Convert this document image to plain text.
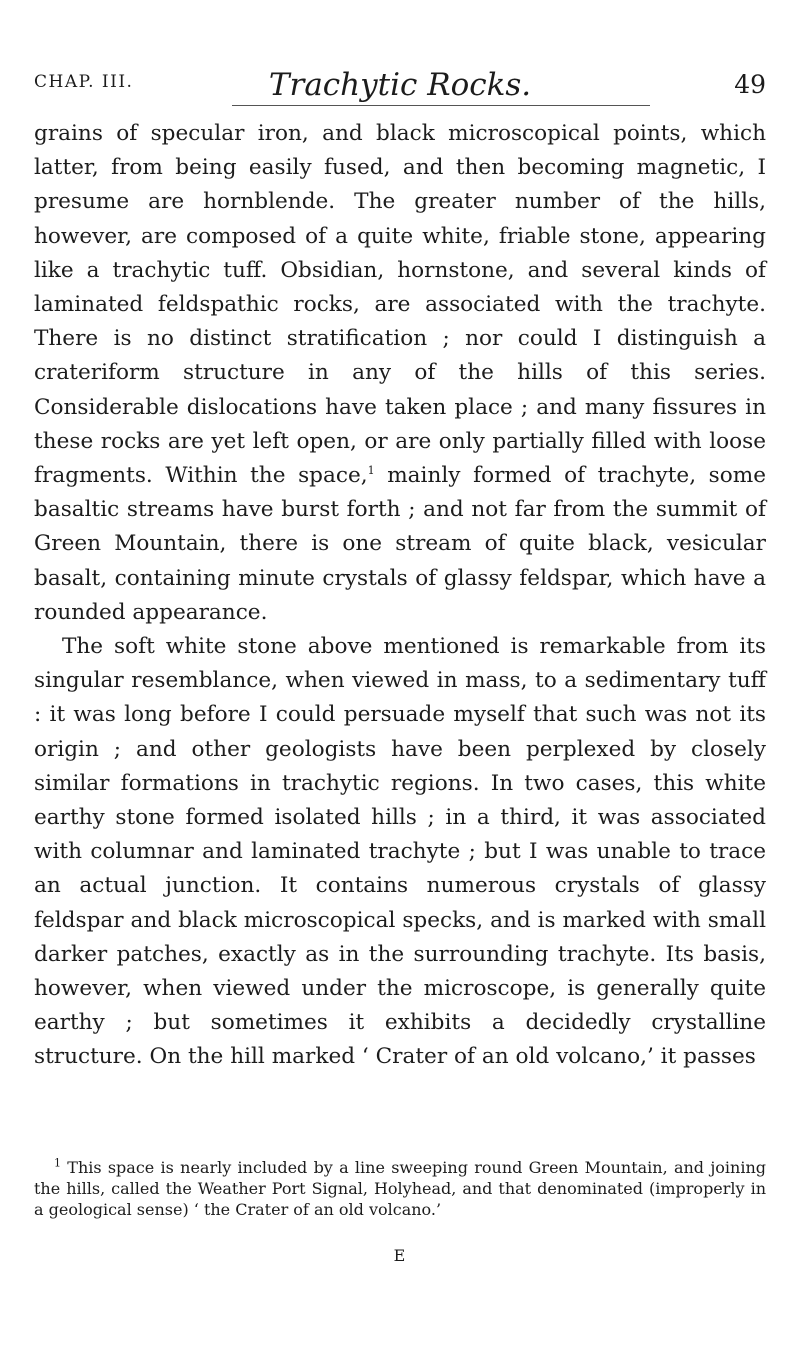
CHAP. III.	Trachytic Rocks.	49

grains of specular iron, and black microscopical points, which latter, from being easily fused, and then becoming magnetic, I presume are hornblende. The greater number of the hills, however, are composed of a quite white, friable stone, appearing like a trachytic tuff. Obsidian, hornstone, and several kinds of laminated feldspathic rocks, are associated with the trachyte. There is no distinct stratification ; nor could I distinguish a crateriform structure in any of the hills of this series. Considerable dislocations have taken place ; and many fissures in these rocks are yet left open, or are only partially filled with loose fragments. Within the space,$^1$ mainly formed of trachyte, some basaltic streams have burst forth ; and not far from the summit of Green Mountain, there is one stream of quite black, vesicular basalt, containing minute crystals of glassy feldspar, which have a rounded appearance.

The soft white stone above mentioned is remarkable from its singular resemblance, when viewed in mass, to a sedimentary tuff : it was long before I could persuade myself that such was not its origin ; and other geologists have been perplexed by closely similar formations in trachytic regions. In two cases, this white earthy stone formed isolated hills ; in a third, it was associated with columnar and laminated trachyte ; but I was unable to trace an actual junction. It contains numerous crystals of glassy feldspar and black microscopical specks, and is marked with small darker patches, exactly as in the surrounding trachyte. Its basis, however, when viewed under the microscope, is generally quite earthy ; but sometimes it exhibits a decidedly crystalline structure. On the hill marked ‘ Crater of an old volcano,’ it passes

$^1$ This space is nearly included by a line sweeping round Green Mountain, and joining the hills, called the Weather Port Signal, Holyhead, and that denominated (improperly in a geological sense) ‘ the Crater of an old volcano.’
E
